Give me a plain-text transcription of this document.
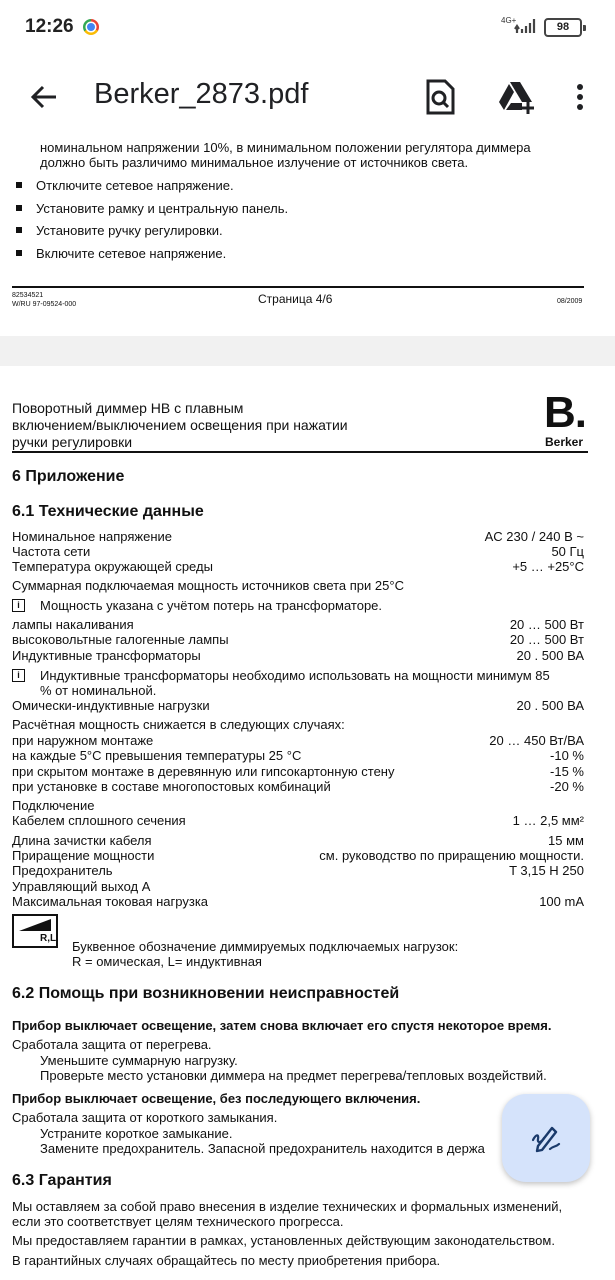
12:26	4G+
98
Berker_2873.pdf
номинальном напряжении 10%, в минимальном положении регулятора диммера
должно быть различимо минимальное излучение от источников света.
Отключите сетевое напряжение.
Установите рамку и центральную панель.
Установите ручку регулировки.
Включите сетевое напряжение.
82534521
W/RU 97-09524-000	Страница 4/6	08/2009
Поворотный диммер НВ с плавным
включением/выключением освещения при нажатии
ручки регулировки
B.
Berker
6 Приложение
6.1 Технические данные
Номинальное напряжение	AC 230 / 240 В ~
Частота сети	50 Гц
Температура окружающей среды	+5 … +25°C
Суммарная подключаемая мощность источников света при 25°C
i	Мощность указана с учётом потерь на трансформаторе.
лампы накаливания	20 … 500 Вт
высоковольтные галогенные лампы	20 … 500 Вт
Индуктивные трансформаторы	20 . 500 ВА
i	Индуктивные трансформаторы необходимо использовать на мощности минимум 85
% от номинальной.
Омически-индуктивные нагрузки	20 . 500 ВА
Расчётная мощность снижается в следующих случаях:
при наружном монтаже	20 … 450 Вт/ВА
на каждые 5°C превышения температуры 25 °C	-10 %
при скрытом монтаже в деревянную или гипсокартонную стену	-15 %
при установке в составе многопостовых комбинаций	-20 %
Подключение
Кабелем сплошного сечения	1 … 2,5 мм²
Длина зачистки кабеля	15 мм
Приращение мощности	см. руководство по приращению мощности.
Предохранитель	T 3,15 H 250
Управляющий выход A
Максимальная токовая нагрузка	100 mA
R,L
Буквенное обозначение диммируемых подключаемых нагрузок:
R = омическая, L= индуктивная
6.2 Помощь при возникновении неисправностей
Прибор выключает освещение, затем снова включает его спустя некоторое время.
Сработала защита от перегрева.
Уменьшите суммарную нагрузку.
Проверьте место установки диммера на предмет перегрева/тепловых воздействий.
Прибор выключает освещение, без последующего включения.
Сработала защита от короткого замыкания.
Устраните короткое замыкание.
Замените предохранитель. Запасной предохранитель находится в держа
6.3 Гарантия
Мы оставляем за собой право внесения в изделие технических и формальных изменений,
если это соответствует целям технического прогресса.
Мы предоставляем гарантии в рамках, установленных действующим законодательством.
В гарантийных случаях обращайтесь по месту приобретения прибора.
